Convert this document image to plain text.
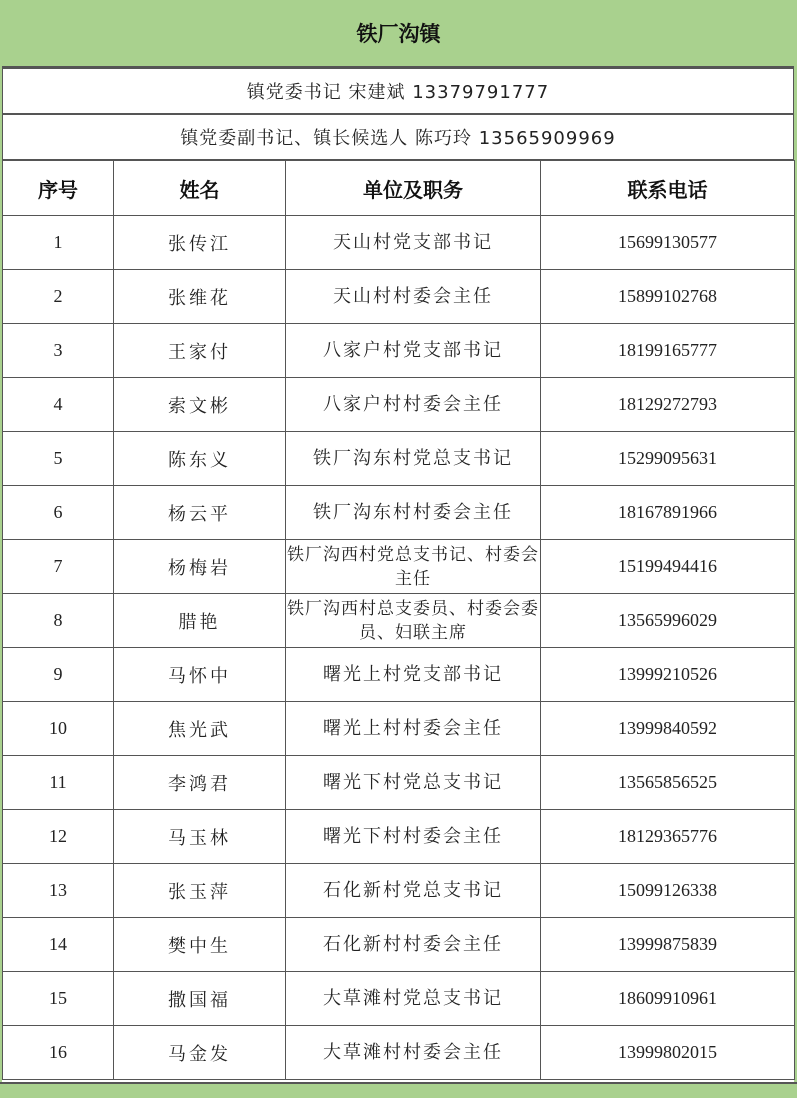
铁厂沟镇
镇党委书记 宋建斌 13379791777
镇党委副书记、镇长候选人 陈巧玲 13565909969
序号	姓名	单位及职务	联系电话
1	张传江	天山村党支部书记	15699130577
2	张维花	天山村村委会主任	15899102768
3	王家付	八家户村党支部书记	18199165777
4	索文彬	八家户村村委会主任	18129272793
5	陈东义	铁厂沟东村党总支书记	15299095631
6	杨云平	铁厂沟东村村委会主任	18167891966
7	杨梅岩	铁厂沟西村党总支书记、村委会主任	15199494416
8	腊艳	铁厂沟西村总支委员、村委会委员、妇联主席	13565996029
9	马怀中	曙光上村党支部书记	13999210526
10	焦光武	曙光上村村委会主任	13999840592
11	李鸿君	曙光下村党总支书记	13565856525
12	马玉林	曙光下村村委会主任	18129365776
13	张玉萍	石化新村党总支书记	15099126338
14	樊中生	石化新村村委会主任	13999875839
15	撒国福	大草滩村党总支书记	18609910961
16	马金发	大草滩村村委会主任	13999802015
